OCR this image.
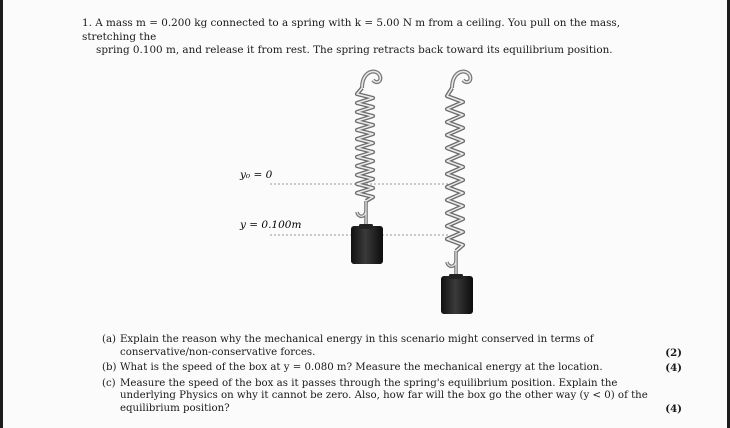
1. A mass m = 0.200 kg connected to a spring with k = 5.00 N m from a ceiling. You pull on the mass, stretching the
spring 0.100 m, and release it from rest. The spring retracts back toward its equilibrium position.
y₀ = 0
y = 0.100m
(a) Explain the reason why the mechanical energy in this scenario might conserved in terms of conservative/non-conservative forces.	(2)
(b) What is the speed of the box at y = 0.080 m? Measure the mechanical energy at the location.	(4)
(c) Measure the speed of the box as it passes through the spring's equilibrium position. Explain the underlying Physics on why it cannot be zero. Also, how far will the box go the other way (y < 0) of the equilibrium position?	(4)
